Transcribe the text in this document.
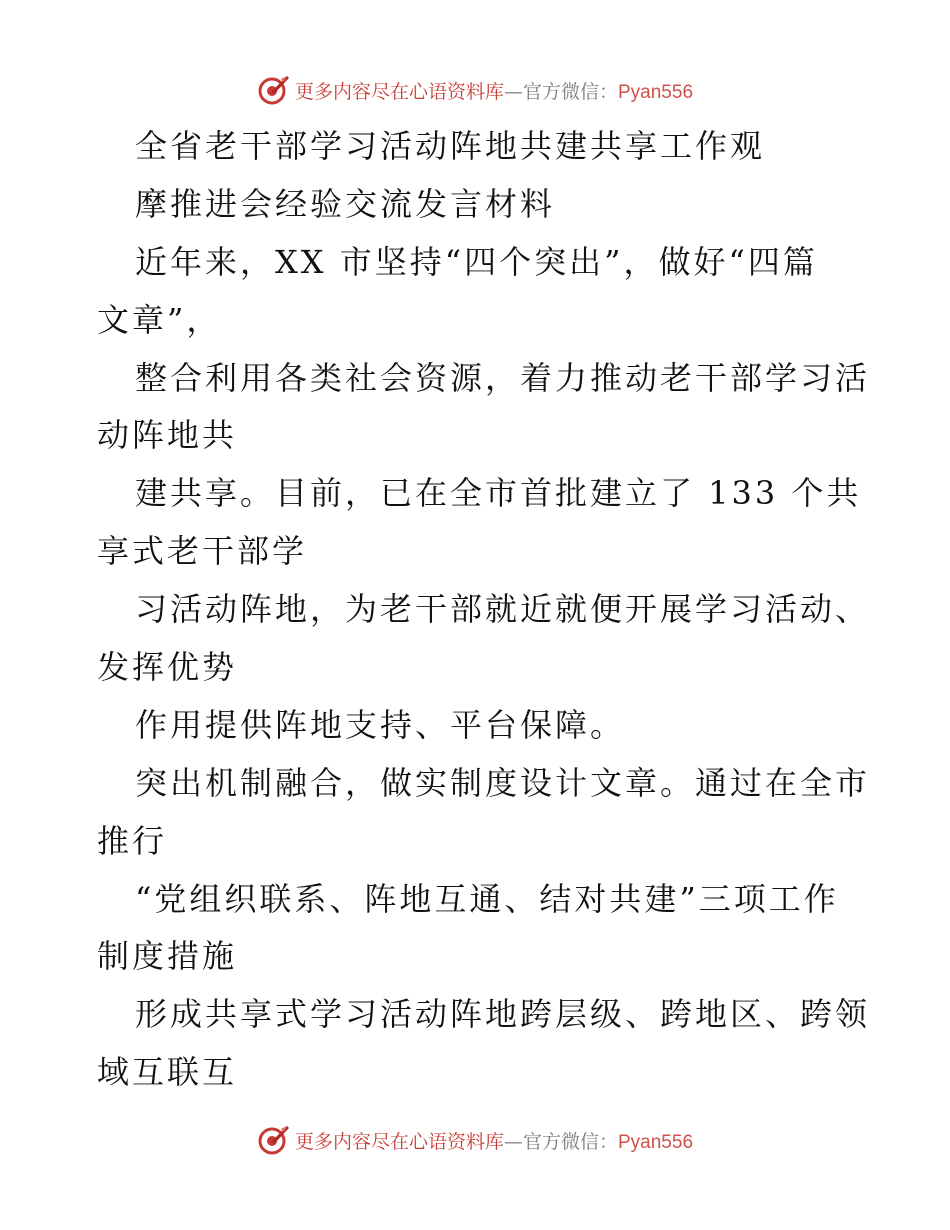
更多内容尽在心语资料库—官方微信：Pyan556
全省老干部学习活动阵地共建共享工作观
摩推进会经验交流发言材料
近年来，XX 市坚持“四个突出”，做好“四篇
文章”，
整合利用各类社会资源，着力推动老干部学习活
动阵地共
建共享。目前，已在全市首批建立了 133 个共
享式老干部学
习活动阵地，为老干部就近就便开展学习活动、
发挥优势
作用提供阵地支持、平台保障。
突出机制融合，做实制度设计文章。通过在全市
推行
“党组织联系、阵地互通、结对共建”三项工作
制度措施
形成共享式学习活动阵地跨层级、跨地区、跨领
域互联互
更多内容尽在心语资料库—官方微信：Pyan556
